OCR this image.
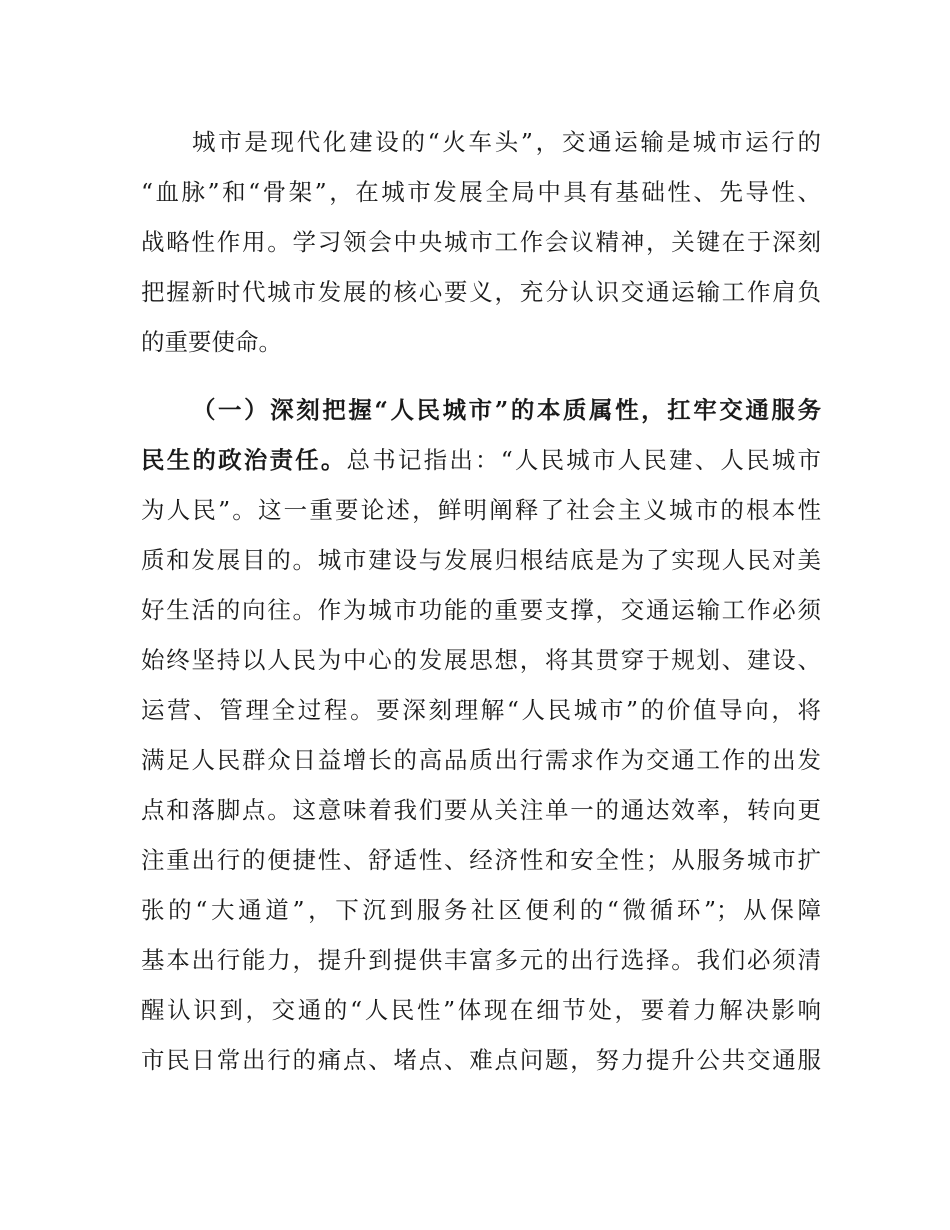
城市是现代化建设的“火车头”，交通运输是城市运行的
“血脉”和“骨架”，在城市发展全局中具有基础性、先导性、
战略性作用。学习领会中央城市工作会议精神，关键在于深刻
把握新时代城市发展的核心要义，充分认识交通运输工作肩负
的重要使命。
（一）深刻把握“人民城市”的本质属性，扛牢交通服务
民生的政治责任。总书记指出：“人民城市人民建、人民城市
为人民”。这一重要论述，鲜明阐释了社会主义城市的根本性
质和发展目的。城市建设与发展归根结底是为了实现人民对美
好生活的向往。作为城市功能的重要支撑，交通运输工作必须
始终坚持以人民为中心的发展思想，将其贯穿于规划、建设、
运营、管理全过程。要深刻理解“人民城市”的价值导向，将
满足人民群众日益增长的高品质出行需求作为交通工作的出发
点和落脚点。这意味着我们要从关注单一的通达效率，转向更
注重出行的便捷性、舒适性、经济性和安全性；从服务城市扩
张的“大通道”，下沉到服务社区便利的“微循环”；从保障
基本出行能力，提升到提供丰富多元的出行选择。我们必须清
醒认识到，交通的“人民性”体现在细节处，要着力解决影响
市民日常出行的痛点、堵点、难点问题，努力提升公共交通服
